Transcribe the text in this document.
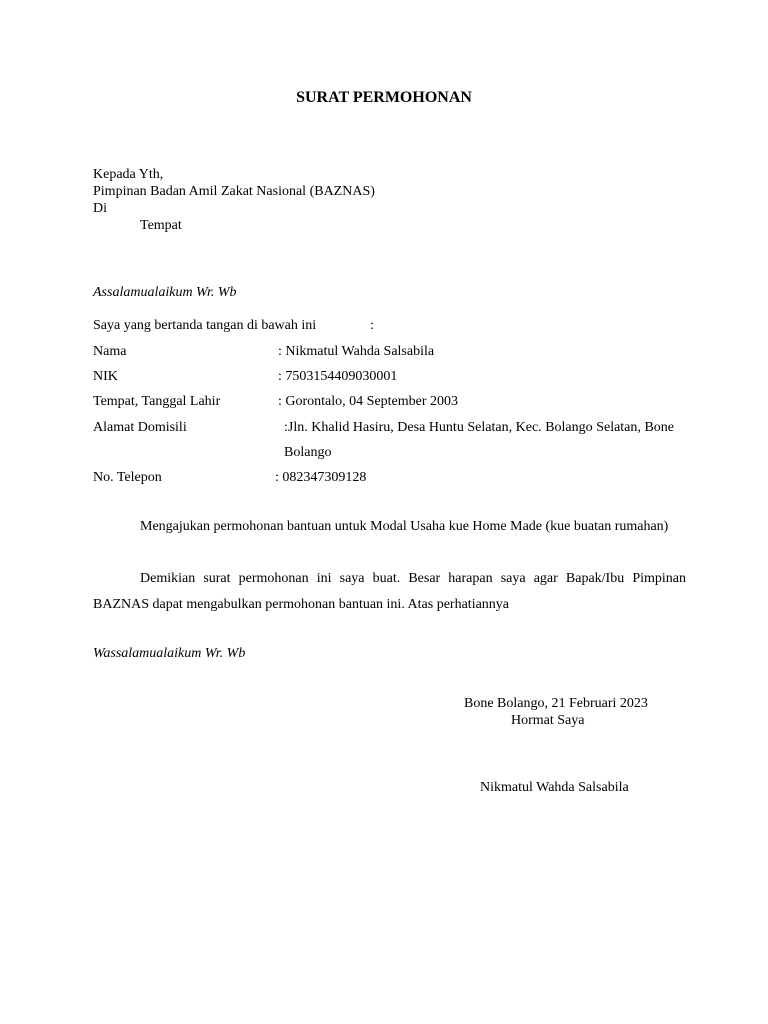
SURAT PERMOHONAN
Kepada Yth,
Pimpinan Badan Amil Zakat Nasional (BAZNAS)
Di
Tempat
Assalamualaikum Wr. Wb
Saya yang bertanda tangan di bawah ini	:
Nama	: Nikmatul Wahda Salsabila
NIK	: 7503154409030001
Tempat, Tanggal Lahir	: Gorontalo, 04 September 2003
Alamat Domisili	:Jln. Khalid Hasiru, Desa Huntu Selatan, Kec. Bolango Selatan, Bone Bolango
No. Telepon	: 082347309128
Mengajukan permohonan bantuan untuk Modal Usaha kue Home Made (kue buatan rumahan)
Demikian surat permohonan ini saya buat. Besar harapan saya agar Bapak/Ibu Pimpinan BAZNAS dapat mengabulkan permohonan bantuan ini. Atas perhatiannya
Wassalamualaikum Wr. Wb
Bone Bolango, 21 Februari 2023
Hormat Saya
Nikmatul Wahda Salsabila
